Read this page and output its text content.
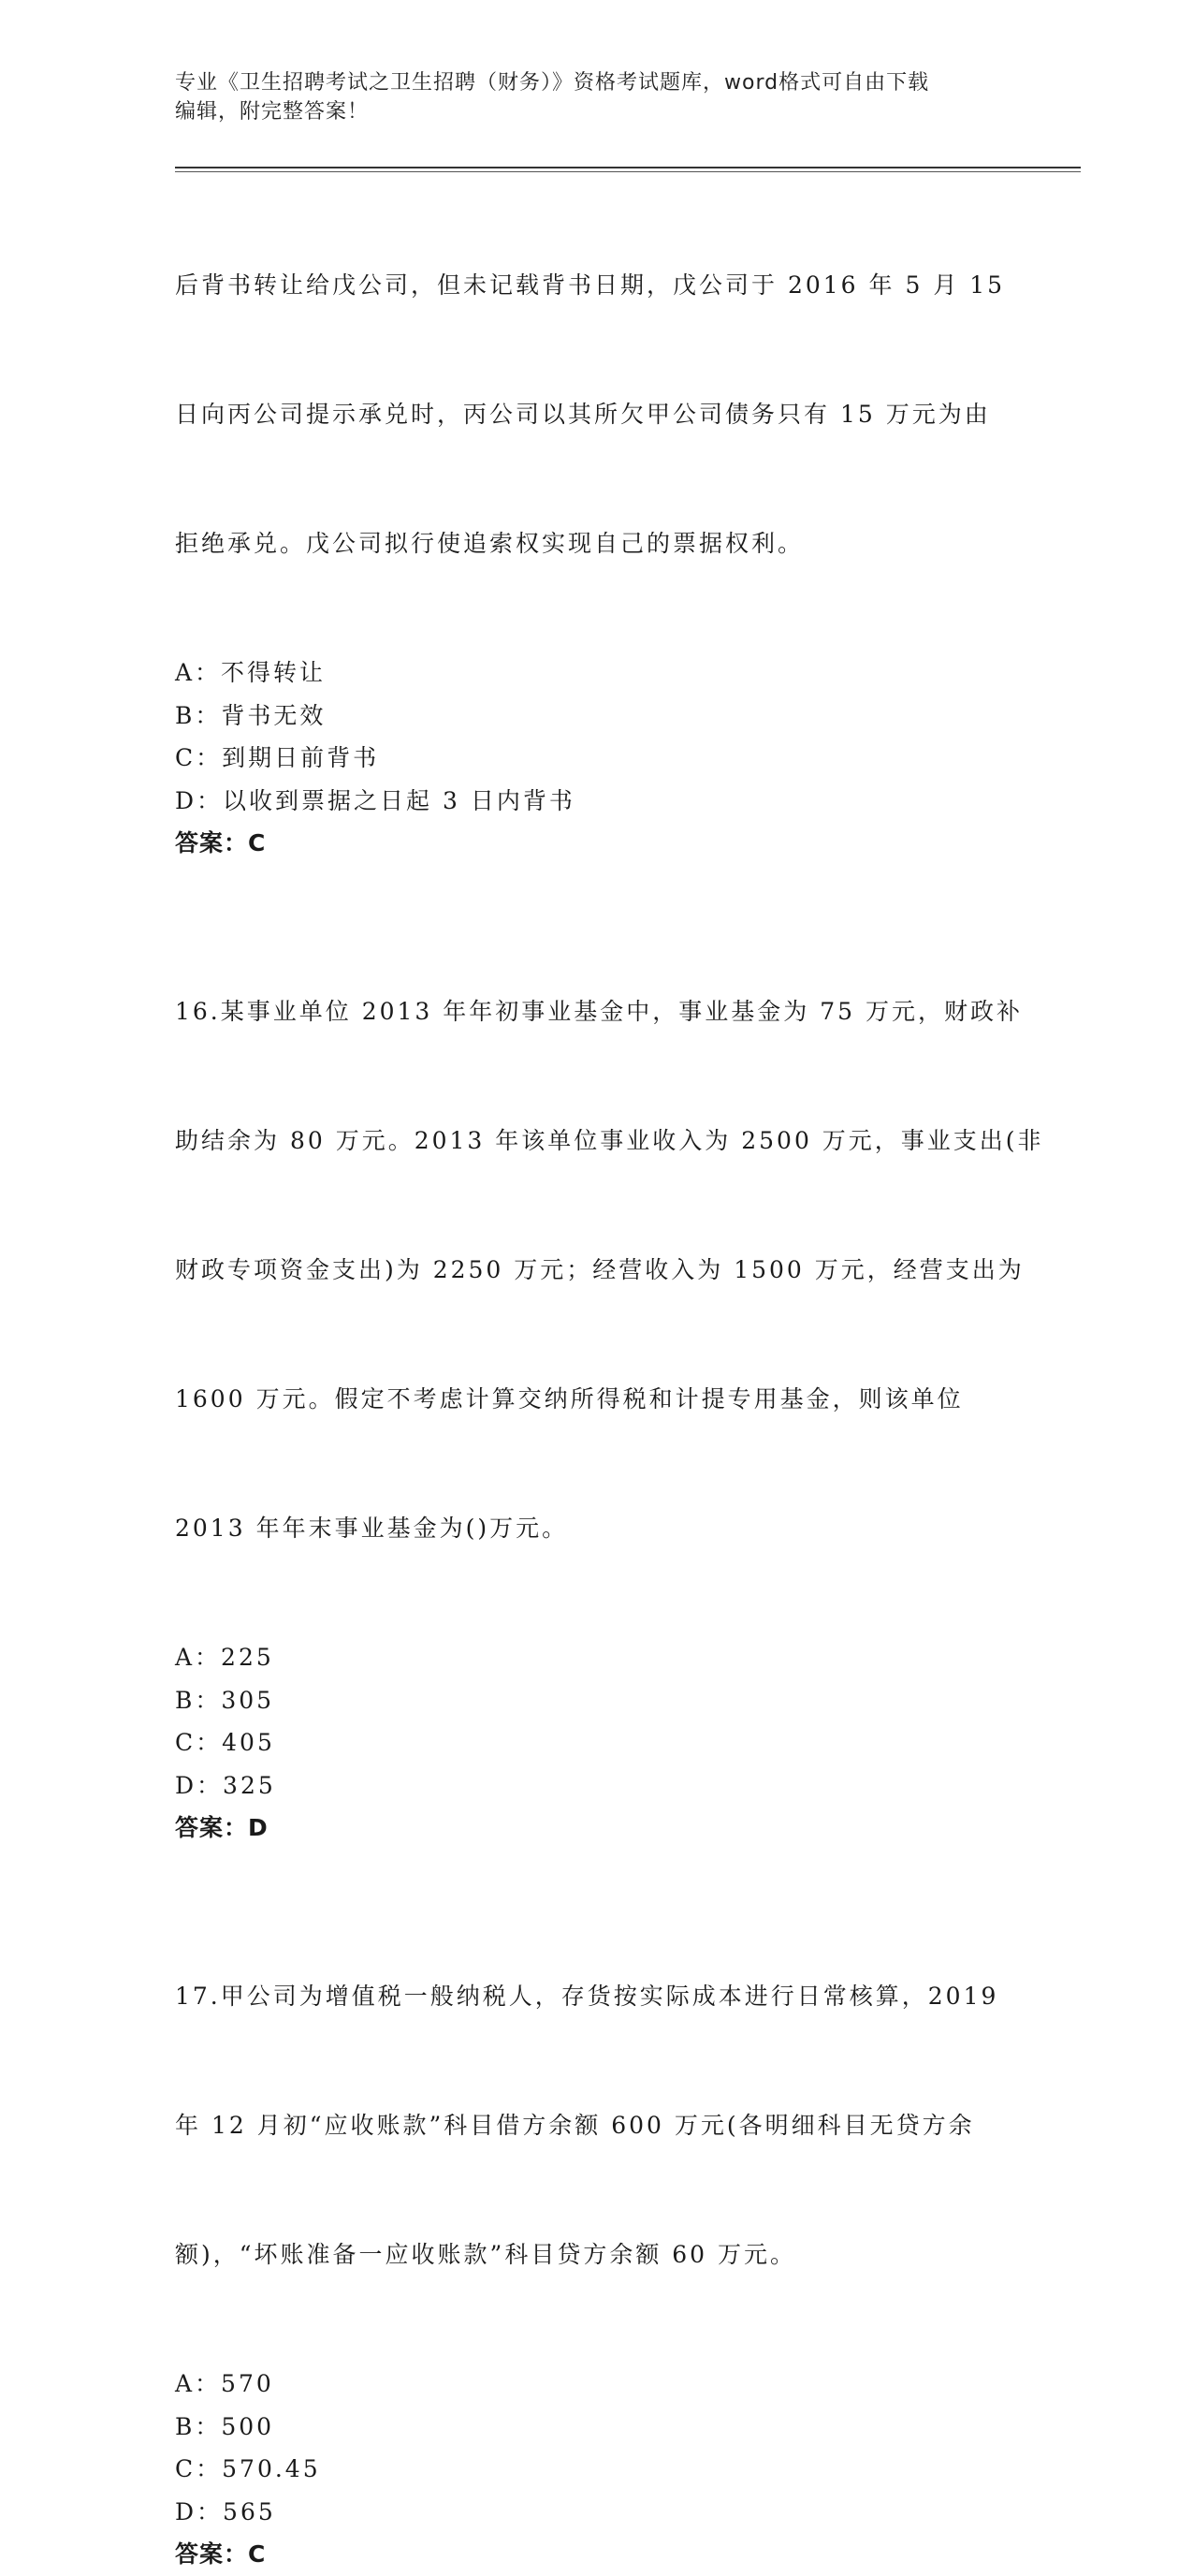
专业《卫生招聘考试之卫生招聘（财务）》资格考试题库，word格式可自由下载
编辑，附完整答案！

后背书转让给戊公司，但未记载背书日期，戊公司于 2016 年 5 月 15

日向丙公司提示承兑时，丙公司以其所欠甲公司债务只有 15 万元为由

拒绝承兑。戊公司拟行使追索权实现自己的票据权利。

A：不得转让
B：背书无效
C：到期日前背书
D：以收到票据之日起 3 日内背书
答案：C

16.某事业单位 2013 年年初事业基金中，事业基金为 75 万元，财政补

助结余为 80 万元。2013 年该单位事业收入为 2500 万元，事业支出(非

财政专项资金支出)为 2250 万元；经营收入为 1500 万元，经营支出为

1600 万元。假定不考虑计算交纳所得税和计提专用基金，则该单位

2013 年年末事业基金为()万元。

A：225
B：305
C：405
D：325
答案：D

17.甲公司为增值税一般纳税人，存货按实际成本进行日常核算，2019

年 12 月初“应收账款”科目借方余额 600 万元(各明细科目无贷方余

额)，“坏账准备一应收账款”科目贷方余额 60 万元。

A：570
B：500
C：570.45
D：565
答案：C
